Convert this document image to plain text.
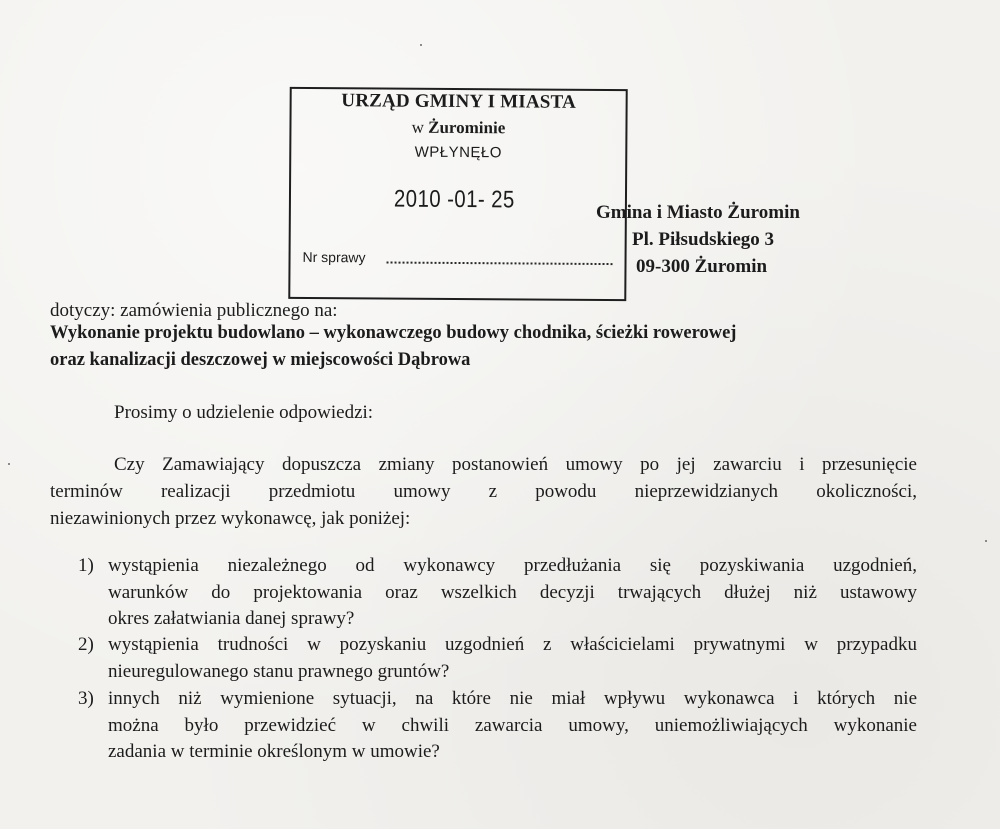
URZĄD GMINY I MIASTA
w Żurominie
WPŁYNĘŁO
2010 -01- 25
Nr sprawy
Gmina i Miasto Żuromin
Pl. Piłsudskiego 3
09-300 Żuromin
dotyczy: zamówienia publicznego na:
Wykonanie projektu budowlano – wykonawczego budowy chodnika, ścieżki rowerowej
oraz kanalizacji deszczowej w miejscowości Dąbrowa
Prosimy o udzielenie odpowiedzi:
Czy Zamawiający dopuszcza zmiany postanowień umowy po jej zawarciu i przesunięcie
terminów realizacji przedmiotu umowy z powodu nieprzewidzianych okoliczności,
niezawinionych przez wykonawcę, jak poniżej:
1) wystąpienia niezależnego od wykonawcy przedłużania się pozyskiwania uzgodnień,
warunków do projektowania oraz wszelkich decyzji trwających dłużej niż ustawowy
okres załatwiania danej sprawy?
2) wystąpienia trudności w pozyskaniu uzgodnień z właścicielami prywatnymi w przypadku
nieuregulowanego stanu prawnego gruntów?
3) innych niż wymienione sytuacji, na które nie miał wpływu wykonawca i których nie
można było przewidzieć w chwili zawarcia umowy, uniemożliwiających wykonanie
zadania w terminie określonym w umowie?
